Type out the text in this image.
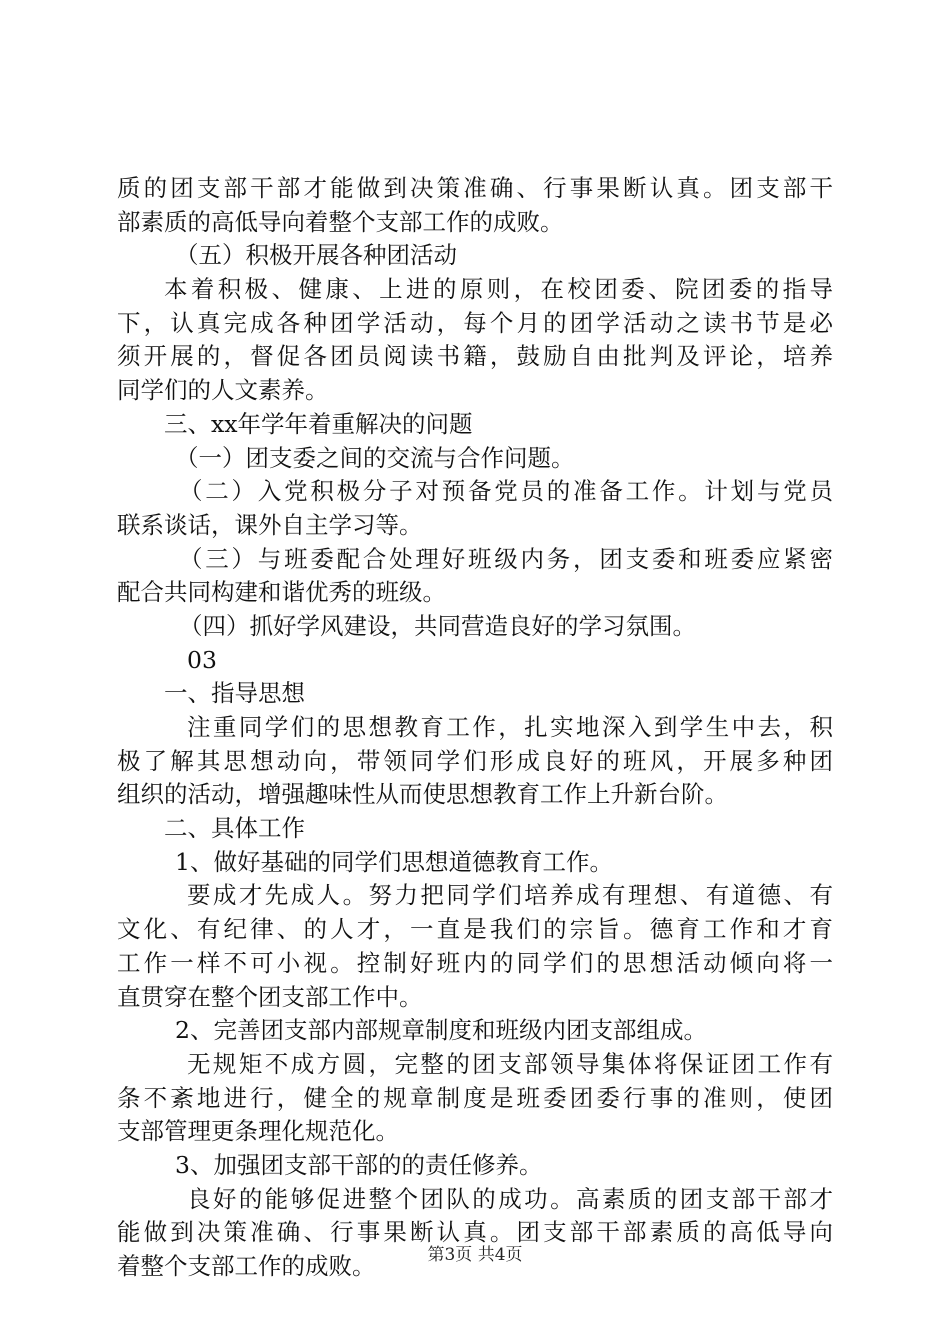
质的团支部干部才能做到决策准确、行事果断认真。团支部干
部素质的高低导向着整个支部工作的成败。
（五）积极开展各种团活动
本着积极、健康、上进的原则，在校团委、院团委的指导
下，认真完成各种团学活动，每个月的团学活动之读书节是必
须开展的，督促各团员阅读书籍，鼓励自由批判及评论，培养
同学们的人文素养。
三、xx年学年着重解决的问题
（一）团支委之间的交流与合作问题。
（二）入党积极分子对预备党员的准备工作。计划与党员
联系谈话，课外自主学习等。
（三）与班委配合处理好班级内务，团支委和班委应紧密
配合共同构建和谐优秀的班级。
（四）抓好学风建设，共同营造良好的学习氛围。
03
一、指导思想
注重同学们的思想教育工作，扎实地深入到学生中去，积
极了解其思想动向，带领同学们形成良好的班风，开展多种团
组织的活动，增强趣味性从而使思想教育工作上升新台阶。
二、具体工作
1、做好基础的同学们思想道德教育工作。
要成才先成人。努力把同学们培养成有理想、有道德、有
文化、有纪律、的人才，一直是我们的宗旨。德育工作和才育
工作一样不可小视。控制好班内的同学们的思想活动倾向将一
直贯穿在整个团支部工作中。
2、完善团支部内部规章制度和班级内团支部组成。
无规矩不成方圆，完整的团支部领导集体将保证团工作有
条不紊地进行，健全的规章制度是班委团委行事的准则，使团
支部管理更条理化规范化。
3、加强团支部干部的的责任修养。
良好的能够促进整个团队的成功。高素质的团支部干部才
能做到决策准确、行事果断认真。团支部干部素质的高低导向
着整个支部工作的成败。	第3页 共4页
